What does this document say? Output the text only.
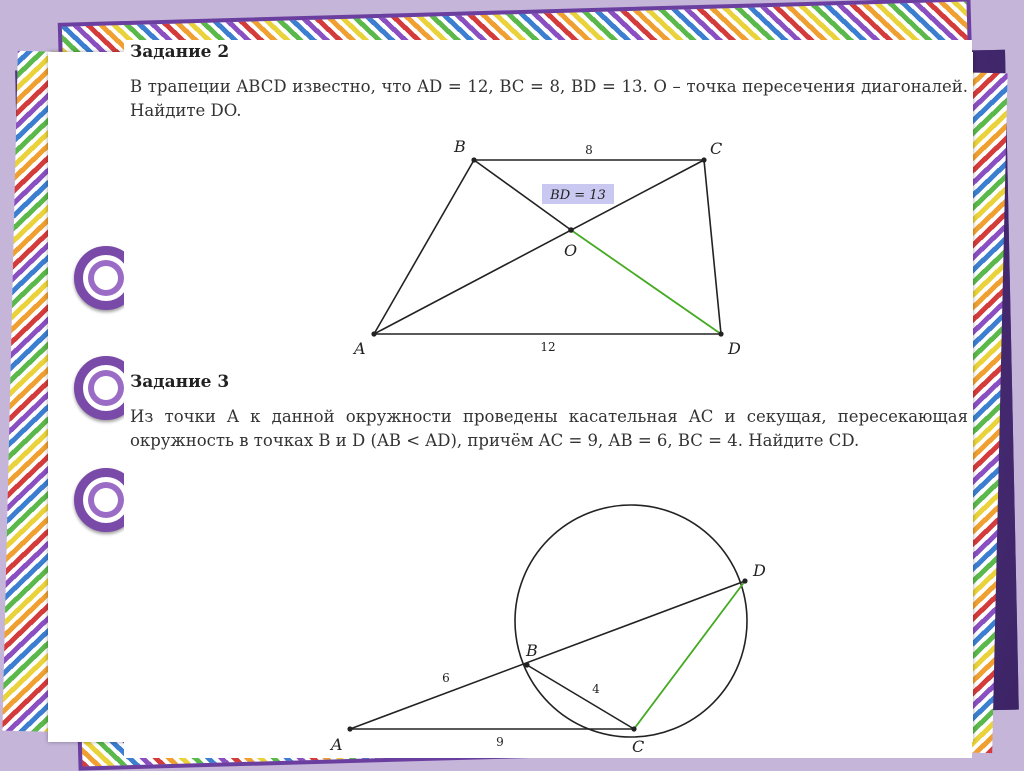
Задание 2
В трапеции ABCD известно, что AD = 12, BC = 8, BD = 13. O – точка пересечения диагоналей. Найдите DO.
Задание 3
Из точки A к данной окружности проведены касательная AC и секущая, пересекающая окружность в точках B и D (AB < AD), причём AC = 9, AB = 6, BC = 4. Найдите CD.
BD = 13
B	C
A	D
O
8
12
A
B
C
D
6
4
9
